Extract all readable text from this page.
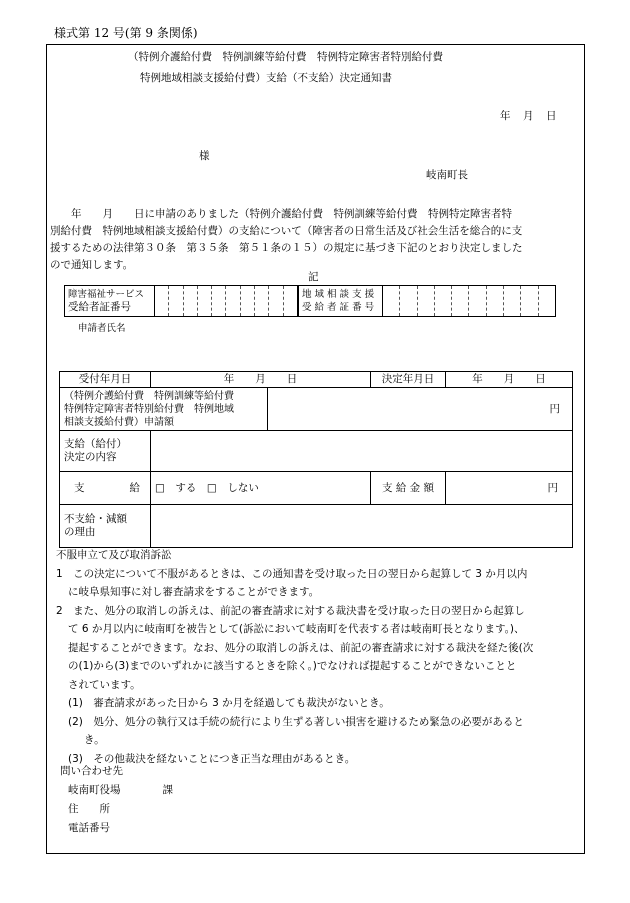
様式第 12 号(第 9 条関係)
（特例介護給付費　特例訓練等給付費　特例特定障害者特別給付費
特例地域相談支援給付費）支給（不支給）決定通知書
年　月　日
様
岐南町長

　　年　　月　　日に申請のありました（特例介護給付費　特例訓練等給付費　特例特定障害者特

別給付費　特例地域相談支援給付費）の支給について（障害者の日常生活及び社会生活を総合的に支

援するための法律第３０条　第３５条　第５１条の１５）の規定に基づき下記のとおり決定しました

ので通知します。

記
障害福祉サービス
受給者証番号
地 域 相 談 支 援
受 給 者 証 番 号
申請者氏名
受付年月日	年　　月　　日		決定年月日	年　　月　　日

（特例介護給付費　特例訓練等給付費
特例特定障害者特別給付費　特例地域
相談支援給付費）申請額		円		

支給（給付）
決定の内容				

支 給	□　する　□　しない		支 給 金 額	円

不支給・減額
の理由				

不服申立て及び取消訴訟

1　この決定について不服があるときは、この通知書を受け取った日の翌日から起算して 3 か月以内

に岐阜県知事に対し審査請求をすることができます。

2　また、処分の取消しの訴えは、前記の審査請求に対する裁決書を受け取った日の翌日から起算し

て 6 か月以内に岐南町を被告として(訴訟において岐南町を代表する者は岐南町長となります。)、

提起することができます。なお、処分の取消しの訴えは、前記の審査請求に対する裁決を経た後(次

の(1)から(3)までのいずれかに該当するときを除く。)でなければ提起することができないことと

されています。

(1)　審査請求があった日から 3 か月を経過しても裁決がないとき。

(2)　処分、処分の執行又は手続の続行により生ずる著しい損害を避けるため緊急の必要があると

き。

(3)　その他裁決を経ないことにつき正当な理由があるとき。

問い合わせ先

岐南町役場　　　　課

住　　所

電話番号
